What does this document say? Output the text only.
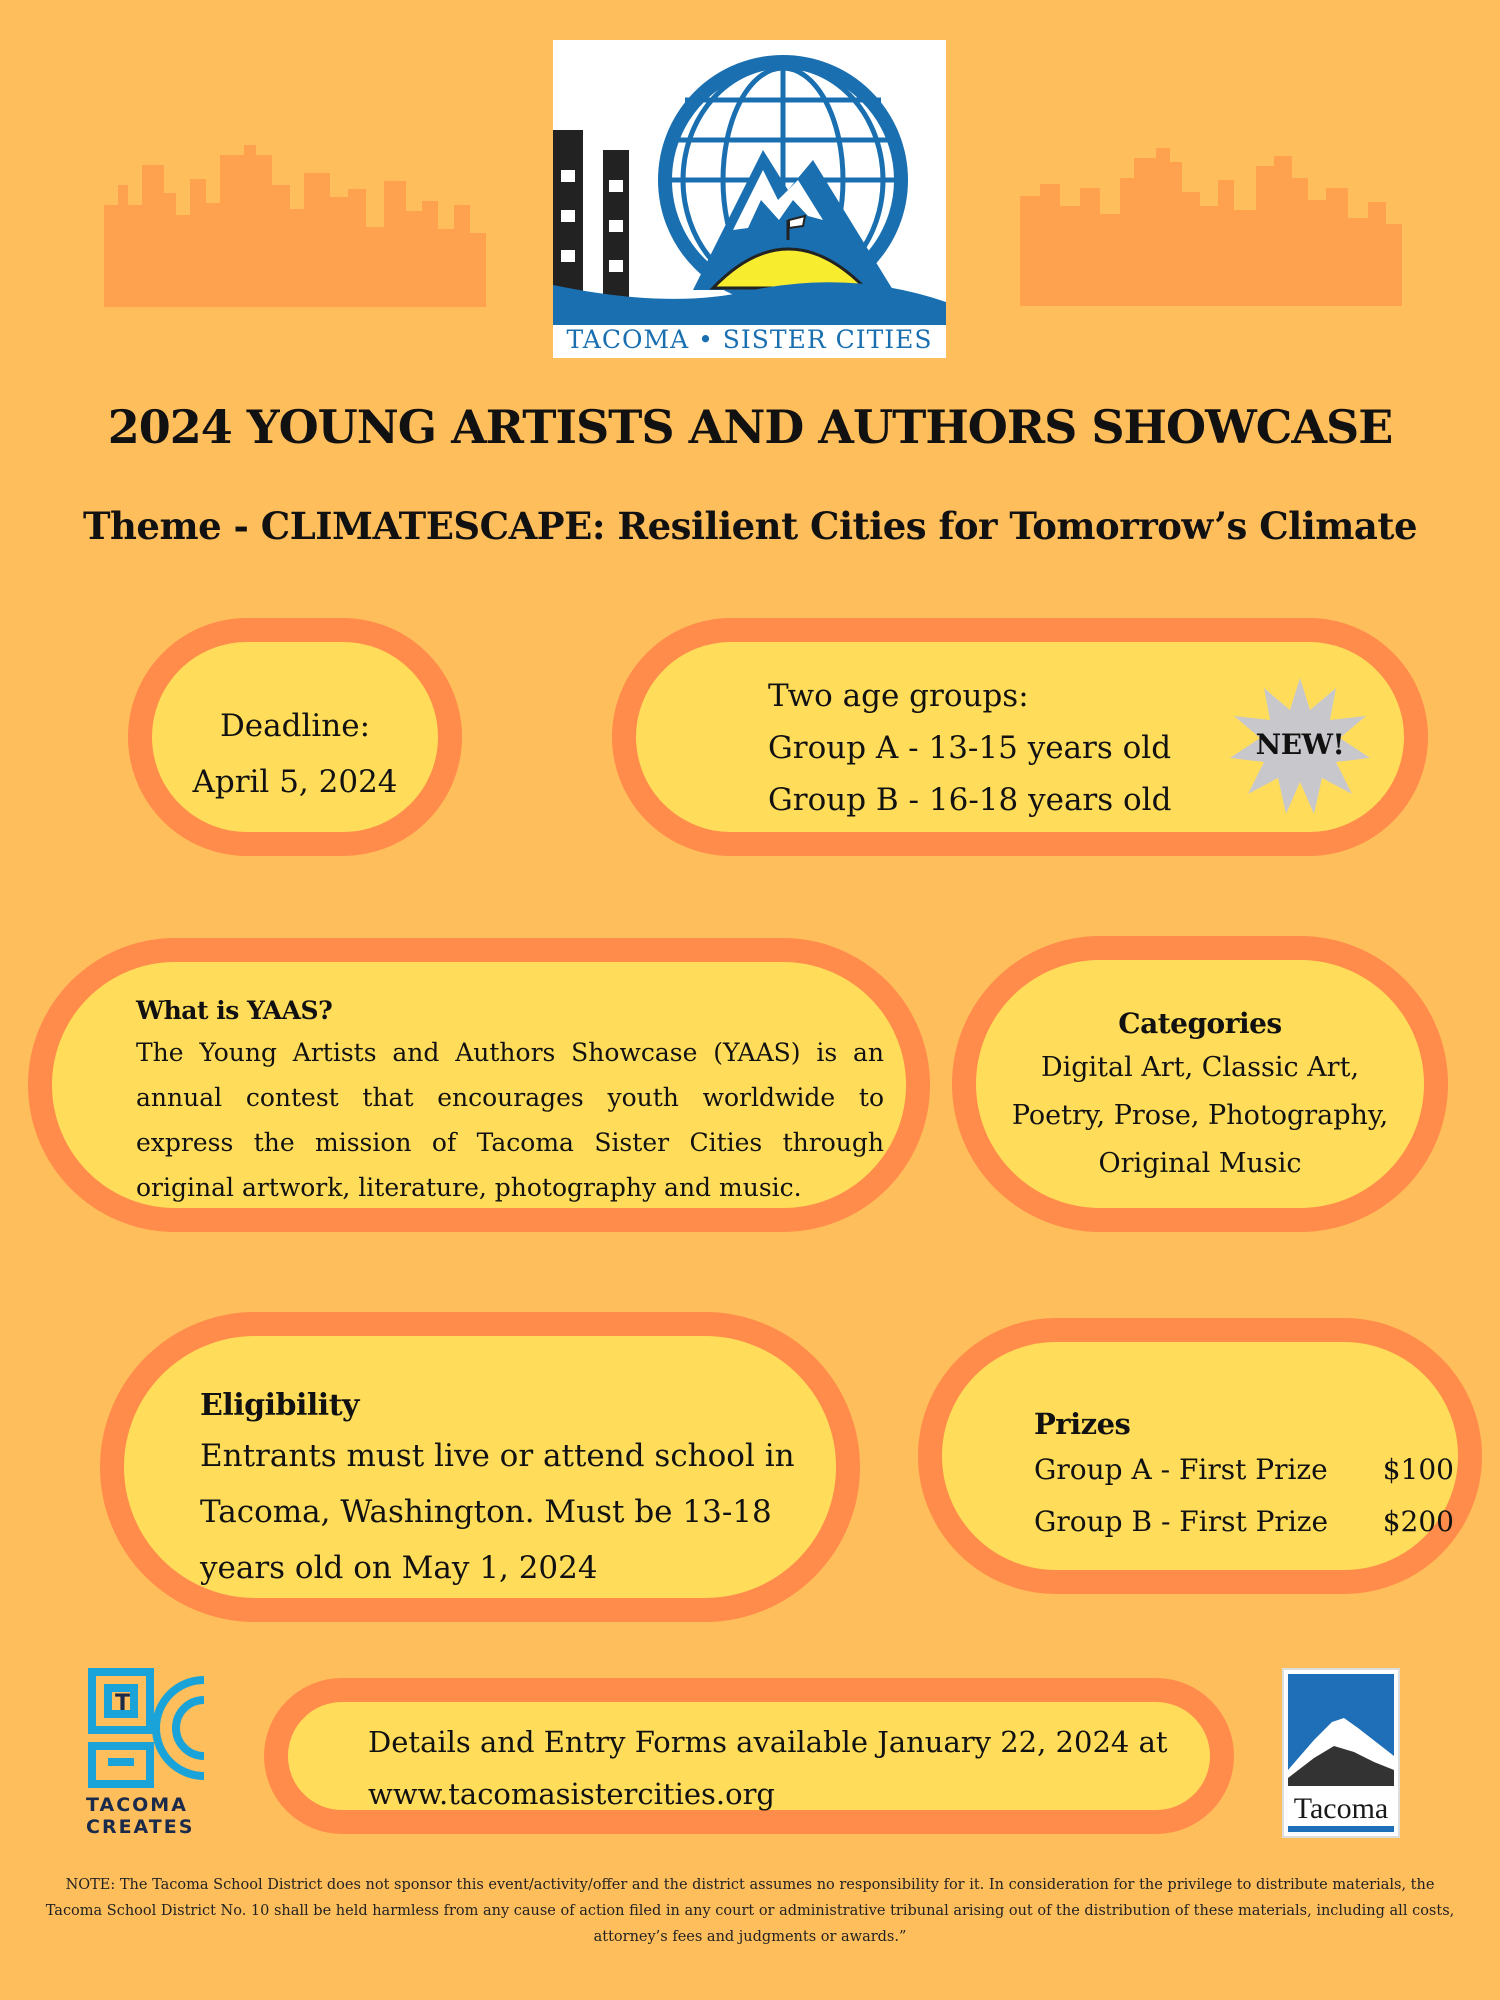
TACOMA • SISTER CITIES
2024 YOUNG ARTISTS AND AUTHORS SHOWCASE
Theme - CLIMATESCAPE: Resilient Cities for Tomorrow’s Climate
Deadline:
April 5, 2024
Two age groups:
Group A - 13-15 years old
Group B - 16-18 years old
NEW!
What is YAAS?
The Young Artists and Authors Showcase (YAAS) is an annual contest that encourages youth worldwide to express the mission of Tacoma Sister Cities through original artwork, literature, photography and music.
Categories
Digital Art, Classic Art, Poetry, Prose, Photography, Original Music
Eligibility
Entrants must live or attend school in Tacoma, Washington. Must be 13-18 years old on May 1, 2024
Prizes
Group A - First Prize $100
Group B - First Prize $200
Details and Entry Forms available January 22, 2024 at
www.tacomasistercities.org
T
TACOMA
CREATES
Tacoma
NOTE: The Tacoma School District does not sponsor this event/activity/offer and the district assumes no responsibility for it. In consideration for the privilege to distribute materials, the Tacoma School District No. 10 shall be held harmless from any cause of action filed in any court or administrative tribunal arising out of the distribution of these materials, including all costs, attorney’s fees and judgments or awards.”
